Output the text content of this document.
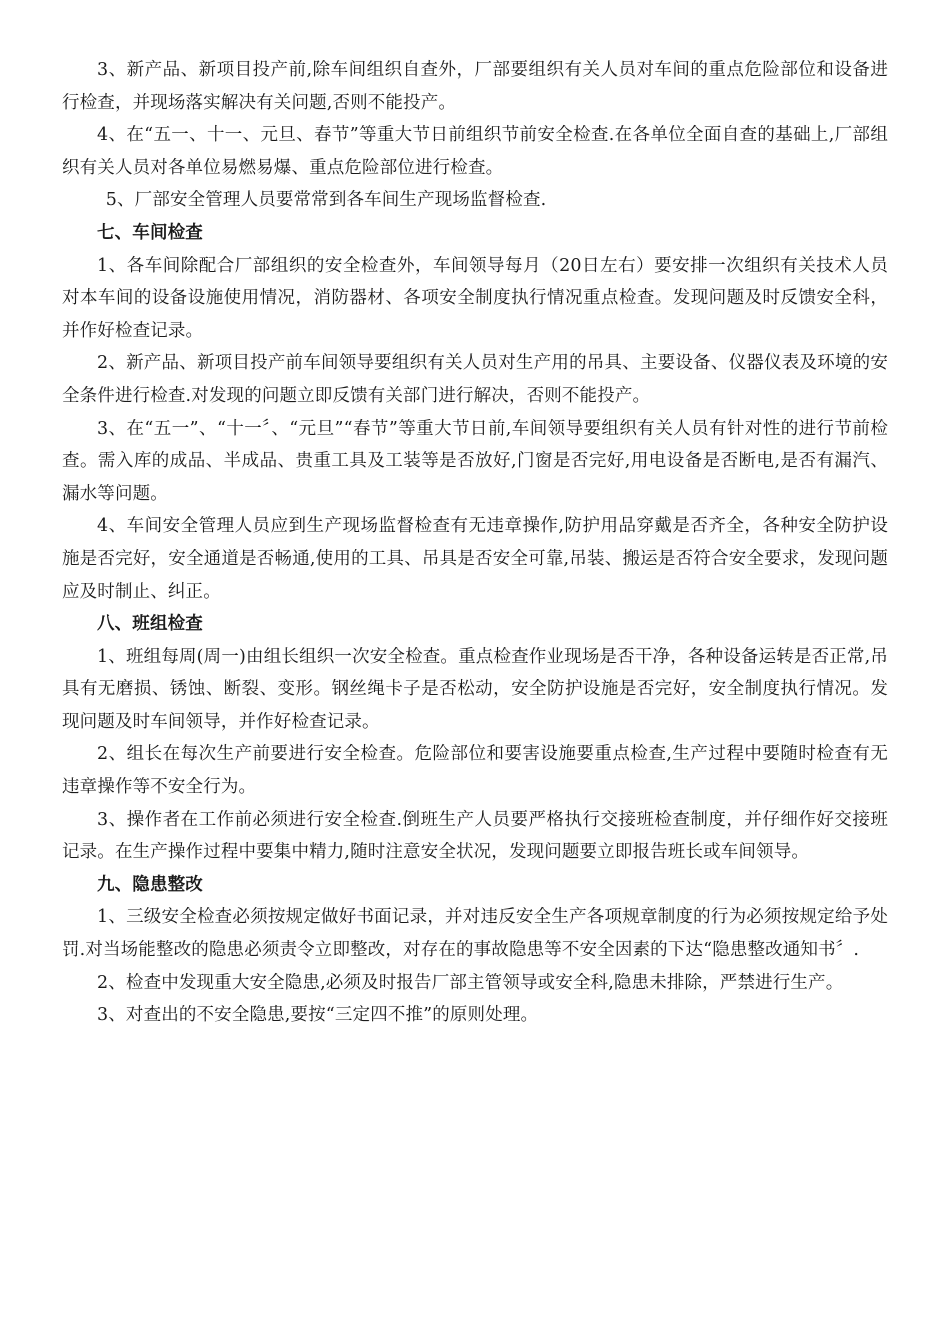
3、新产品、新项目投产前,除车间组织自查外，厂部要组织有关人员对车间的重点危险部位和设备进行检查，并现场落实解决有关问题,否则不能投产。

4、在“五一、十一、元旦、春节”等重大节日前组织节前安全检查.在各单位全面自查的基础上,厂部组织有关人员对各单位易燃易爆、重点危险部位进行检查。

5、厂部安全管理人员要常常到各车间生产现场监督检查.

七、车间检查

1、各车间除配合厂部组织的安全检查外，车间领导每月（20日左右）要安排一次组织有关技术人员对本车间的设备设施使用情况，消防器材、各项安全制度执行情况重点检查。发现问题及时反馈安全科，并作好检查记录。

2、新产品、新项目投产前车间领导要组织有关人员对生产用的吊具、主要设备、仪器仪表及环境的安全条件进行检查.对发现的问题立即反馈有关部门进行解决，否则不能投产。

3、在“五一”、“十一〞、“元旦”“春节”等重大节日前,车间领导要组织有关人员有针对性的进行节前检查。需入库的成品、半成品、贵重工具及工装等是否放好,门窗是否完好,用电设备是否断电,是否有漏汽、漏水等问题。

4、车间安全管理人员应到生产现场监督检查有无违章操作,防护用品穿戴是否齐全，各种安全防护设施是否完好，安全通道是否畅通,使用的工具、吊具是否安全可靠,吊装、搬运是否符合安全要求，发现问题应及时制止、纠正。

八、班组检查

1、班组每周(周一)由组长组织一次安全检查。重点检查作业现场是否干净，各种设备运转是否正常,吊具有无磨损、锈蚀、断裂、变形。钢丝绳卡子是否松动，安全防护设施是否完好，安全制度执行情况。发现问题及时车间领导，并作好检查记录。

2、组长在每次生产前要进行安全检查。危险部位和要害设施要重点检查,生产过程中要随时检查有无违章操作等不安全行为。

3、操作者在工作前必须进行安全检查.倒班生产人员要严格执行交接班检查制度，并仔细作好交接班记录。在生产操作过程中要集中精力,随时注意安全状况，发现问题要立即报告班长或车间领导。

九、隐患整改

1、三级安全检查必须按规定做好书面记录，并对违反安全生产各项规章制度的行为必须按规定给予处罚.对当场能整改的隐患必须责令立即整改，对存在的事故隐患等不安全因素的下达“隐患整改通知书〞.

2、检查中发现重大安全隐患,必须及时报告厂部主管领导或安全科,隐患未排除，严禁进行生产。

3、对查出的不安全隐患,要按“三定四不推”的原则处理。
